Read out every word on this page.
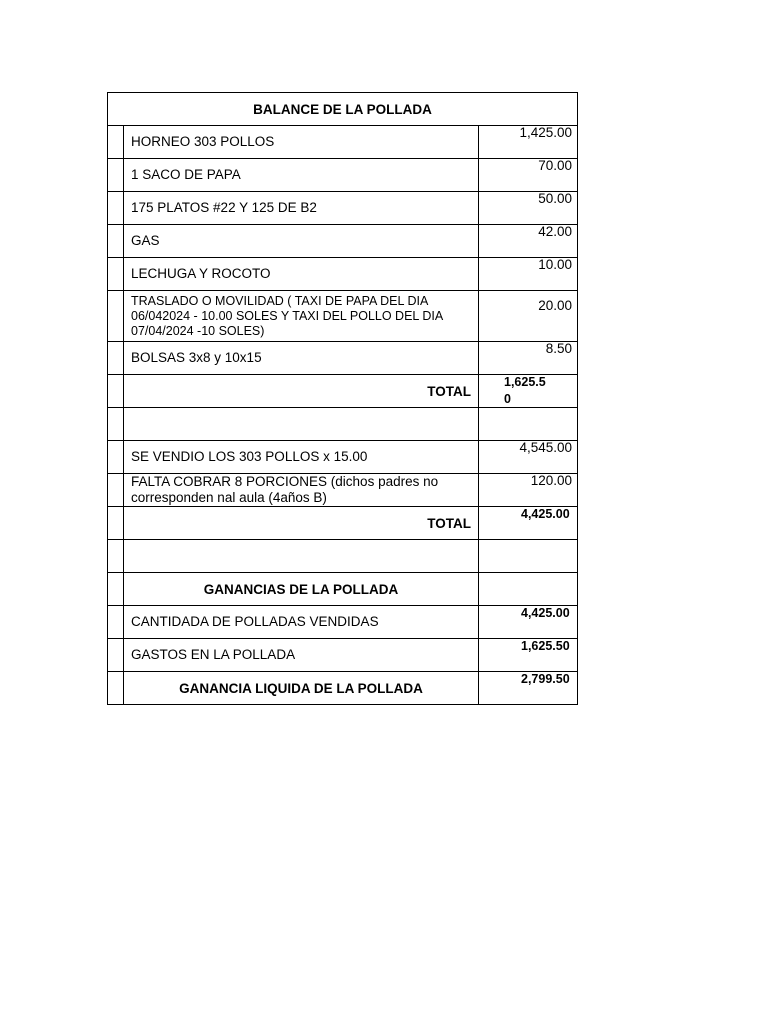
BALANCE DE LA POLLADA		
	HORNEO 303 POLLOS	1,425.00

	1 SACO DE PAPA	70.00

	175 PLATOS #22 Y 125 DE B2	50.00

	GAS	42.00

	LECHUGA Y ROCOTO	10.00

	TRASLADO O MOVILIDAD ( TAXI DE PAPA DEL DIA 06/042024 - 10.00 SOLES Y TAXI DEL POLLO DEL DIA 07/04/2024 -10 SOLES)	20.00

	BOLSAS 3x8 y 10x15	8.50

	TOTAL	1,625.50

	SE VENDIO LOS 303 POLLOS x 15.00	4,545.00

	FALTA COBRAR 8 PORCIONES (dichos padres no corresponden nal aula (4años B)	120.00

	TOTAL	4,425.00

	GANANCIAS DE LA POLLADA	
	CANTIDADA DE POLLADAS VENDIDAS	4,425.00

	GASTOS EN LA POLLADA	1,625.50

	GANANCIA LIQUIDA DE LA POLLADA	2,799.50
